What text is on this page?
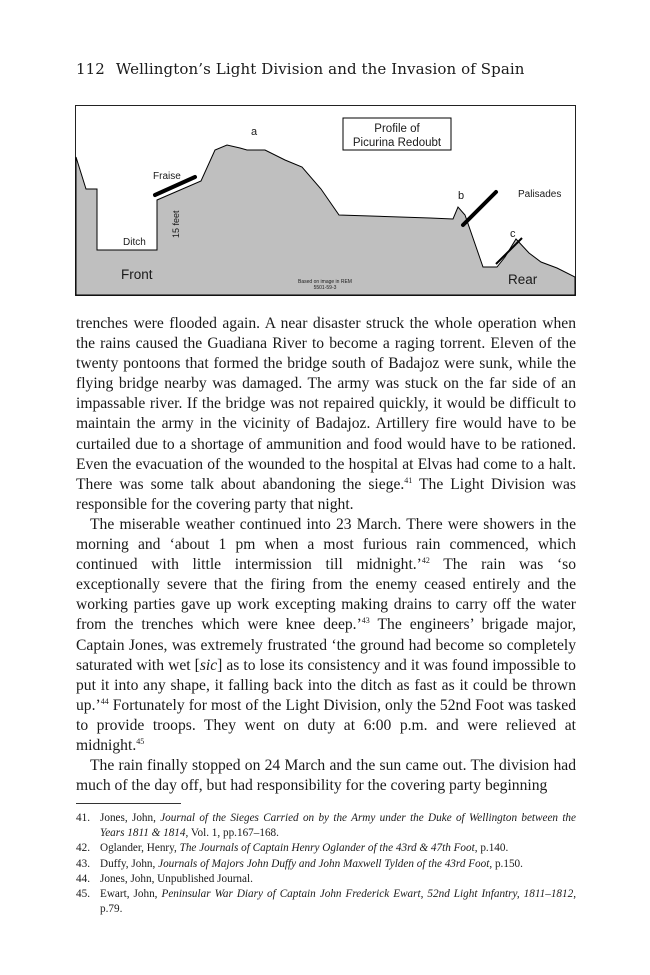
112 Wellington’s Light Division and the Invasion of Spain
Profile of
Picurina Redoubt
a
b
c
Fraise
15 feet
Ditch
Palisades
Front	Rear
Based on image in REM
5501-59-3

trenches were flooded again. A near disaster struck the whole operation when the rains caused the Guadiana River to become a raging torrent. Eleven of the twenty pontoons that formed the bridge south of Badajoz were sunk, while the flying bridge nearby was damaged. The army was stuck on the far side of an impassable river. If the bridge was not repaired quickly, it would be difficult to maintain the army in the vicinity of Badajoz. Artillery fire would have to be curtailed due to a shortage of ammunition and food would have to be rationed. Even the evacuation of the wounded to the hospital at Elvas had come to a halt. There was some talk about abandoning the siege.$^{41}$ The Light Division was responsible for the covering party that night.

The miserable weather continued into 23 March. There were showers in the morning and ‘about 1 pm when a most furious rain commenced, which continued with little intermission till midnight.’$^{42}$ The rain was ‘so exceptionally severe that the firing from the enemy ceased entirely and the working parties gave up work excepting making drains to carry off the water from the trenches which were knee deep.’$^{43}$ The engineers’ brigade major, Captain Jones, was extremely frustrated ‘the ground had become so completely saturated with wet [sic] as to lose its consistency and it was found impossible to put it into any shape, it falling back into the ditch as fast as it could be thrown up.’$^{44}$ Fortunately for most of the Light Division, only the 52nd Foot was tasked to provide troops. They went on duty at 6:00 p.m. and were relieved at midnight.$^{45}$

The rain finally stopped on 24 March and the sun came out. The division had much of the day off, but had responsibility for the covering party beginning

41. Jones, John, Journal of the Sieges Carried on by the Army under the Duke of Wellington between the Years 1811 & 1814, Vol. 1, pp.167–168.
42. Oglander, Henry, The Journals of Captain Henry Oglander of the 43rd & 47th Foot, p.140.
43. Duffy, John, Journals of Majors John Duffy and John Maxwell Tylden of the 43rd Foot, p.150.
44. Jones, John, Unpublished Journal.
45. Ewart, John, Peninsular War Diary of Captain John Frederick Ewart, 52nd Light Infantry, 1811–1812, p.79.
